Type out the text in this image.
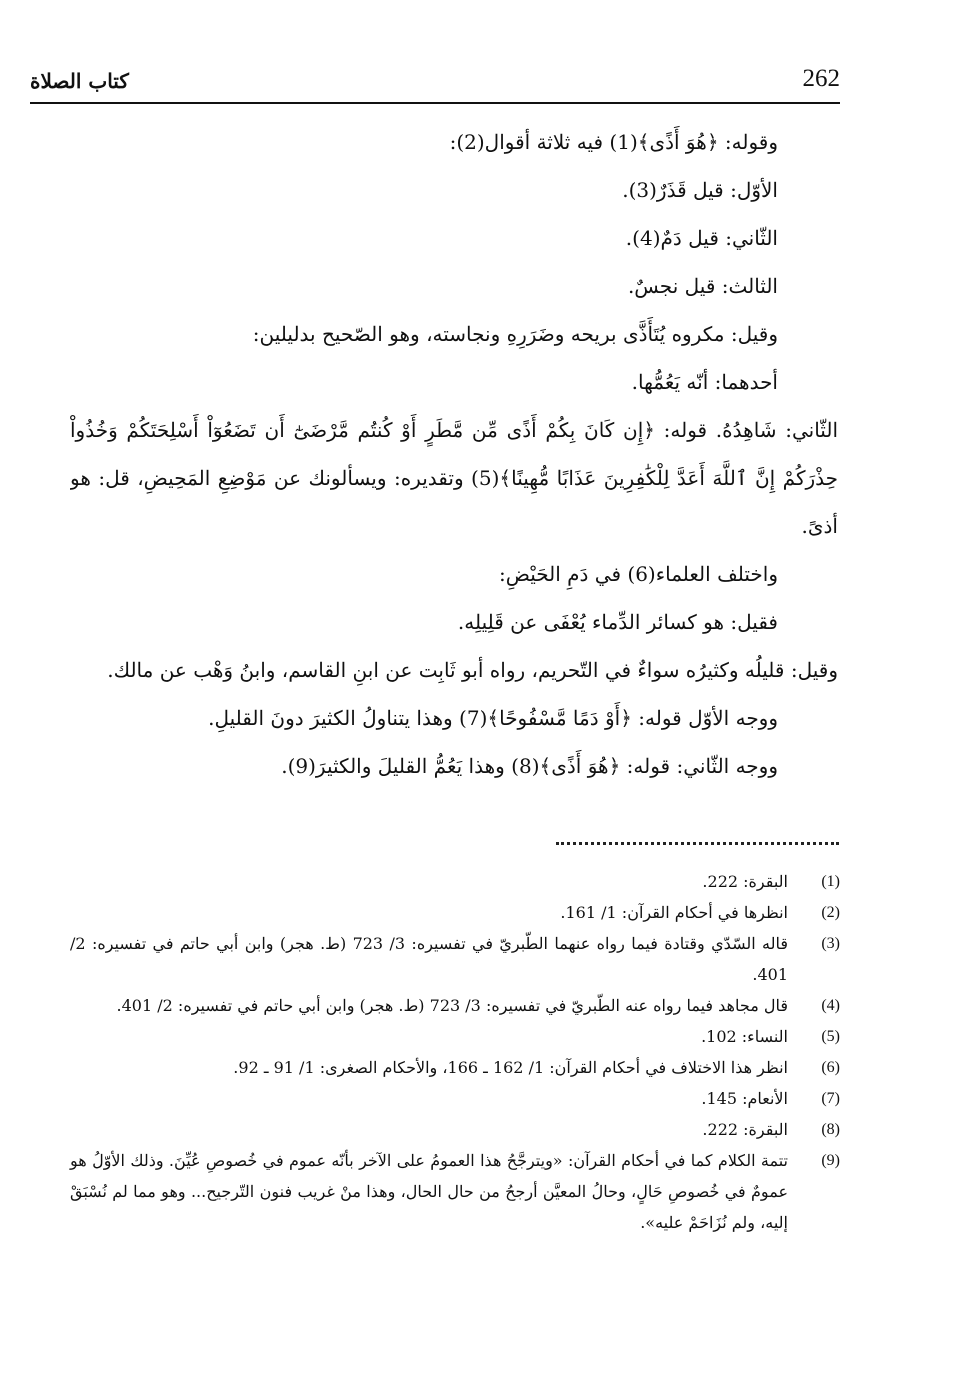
262
كتاب الصلاة

وقوله: ﴿هُوَ أَذًى﴾(1) فيه ثلاثة أقوال(2):

الأوّل: قيل قَذَرٌ(3).

الثّاني: قيل دَمٌ(4).

الثالث: قيل نجسٌ.

وقيل: مكروه يُتَأَذَّى بريحه وضَرَرِهِ ونجاسته، وهو الصّحيح بدليلين:

أحدهما: أنّه يَعُمُّها.

الثّاني: شَاهِدُهُ. قوله: ﴿إِن كَانَ بِكُمْ أَذًى مِّن مَّطَرٍ أَوْ كُنتُم مَّرْضَىٰٓ أَن تَضَعُوٓاْ أَسْلِحَتَكُمْ وَخُذُواْ حِذْرَكُمْ إِنَّ ٱللَّهَ أَعَدَّ لِلْكَٰفِرِينَ عَذَابًا مُّهِينًا﴾(5) وتقديره: ويسألونك عن مَوْضِعِ المَحِيضِ، قل: هو أذىً.

واختلف العلماء(6) في دَمِ الحَيْضِ:

فقيل: هو كسائر الدِّماء يُعْفَى عن قَلِيلِه.

وقيل: قليلُه وكثيرُه سواءٌ في التّحريم، رواه أبو ثَابِت عن ابنِ القاسم، وابنُ وَهْب عن مالك.

ووجه الأوّل قوله: ﴿أَوْ دَمًا مَّسْفُوحًا﴾(7) وهذا يتناولُ الكثيرَ دونَ القليلِ.

ووجه الثّاني: قوله: ﴿هُوَ أَذًى﴾(8) وهذا يَعُمُّ القليلَ والكثيرَ(9).

(1)
البقرة: 222.
(2)
انظرها في أحكام القرآن: 1/ 161.
(3)
قاله السّدّي وقتادة فيما رواه عنهما الطّبريّ في تفسيره: 3/ 723 (ط. هجر) وابن أبي حاتم في تفسيره: 2/ 401.
(4)
قال مجاهد فيما رواه عنه الطّبريّ في تفسيره: 3/ 723 (ط. هجر) وابن أبي حاتم في تفسيره: 2/ 401.
(5)
النساء: 102.
(6)
انظر هذا الاختلاف في أحكام القرآن: 1/ 162 ـ 166، والأحكام الصغرى: 1/ 91 ـ 92.
(7)
الأنعام: 145.
(8)
البقرة: 222.
(9)
تتمة الكلام كما في أحكام القرآن: «ويترجَّحُ هذا العمومُ على الآخر بأنّه عموم في خُصوصِ عُيِّنَ. وذلك الأوّلُ هو عمومٌ في خُصوصِ حَالٍ، وحالُ المعيَّن أرجحُ من حال الحال، وهذا منْ غريب فنون التّرجيح... وهو مما لم نُسْبَقْ إليه، ولم نُزَاحَمْ عليه».
